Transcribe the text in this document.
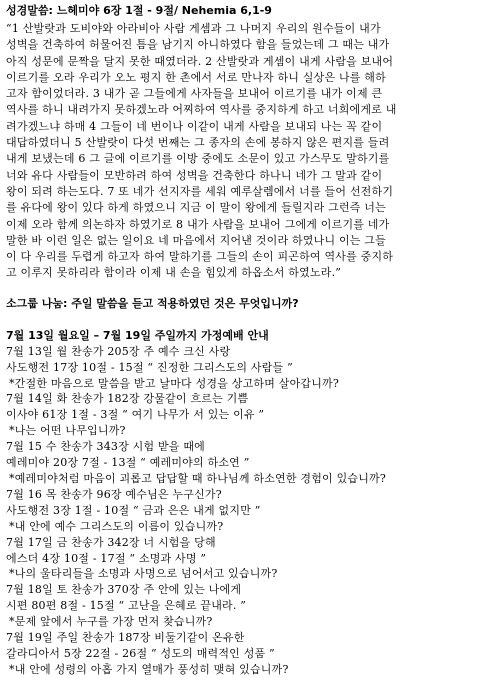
성경말씀: 느헤미야 6장 1절 - 9절/ Nehemia 6,1-9

“1 산발랏과 도비야와 아라비아 사람 게셈과 그 나머지 우리의 원수들이 내가

성벽을 건축하여 허물어진 틈을 남기지 아니하였다 함을 들었는데 그 때는 내가

아직 성문에 문짝을 달지 못한 때였더라. 2 산발랏과 게셈이 내게 사람을 보내어

이르기를 오라 우리가 오노 평지 한 촌에서 서로 만나자 하니 실상은 나를 해하

고자 함이었더라. 3 내가 곧 그들에게 사자들을 보내어 이르기를 내가 이제 큰

역사를 하니 내려가지 못하겠노라 어찌하여 역사를 중지하게 하고 너희에게로 내

려가겠느냐 하매 4 그들이 네 번이나 이같이 내게 사람을 보내되 나는 꼭 같이

대답하였더니 5 산발랏이 다섯 번째는 그 종자의 손에 봉하지 않은 편지를 들려

내게 보냈는데 6 그 글에 이르기를 이방 중에도 소문이 있고 가스무도 말하기를

너와 유다 사람들이 모반하려 하여 성벽을 건축한다 하나니 네가 그 말과 같이

왕이 되려 하는도다. 7 또 네가 선지자를 세워 예루살렘에서 너를 들어 선전하기

를 유다에 왕이 있다 하게 하였으니 지금 이 말이 왕에게 들릴지라 그런즉 너는

이제 오라 함께 의논하자 하였기로 8 내가 사람을 보내어 그에게 이르기를 네가

말한 바 이런 일은 없는 일이요 네 마음에서 지어낸 것이라 하였나니 이는 그들

이 다 우리를 두렵게 하고자 하여 말하기를 그들의 손이 피곤하여 역사를 중지하

고 이루지 못하리라 함이라 이제 내 손을 힘있게 하옵소서 하였노라.”

소그룹 나눔: 주일 말씀을 듣고 적용하였던 것은 무엇입니까?
7월 13일 월요일 – 7월 19일 주일까지 가정예배 안내
7월 13일 월 찬송가 205장 주 예수 크신 사랑
사도행전 17장 10절 - 15절 “ 진정한 그리스도의 사람들 ”
*간절한 마음으로 말씀을 받고 날마다 성경을 상고하며 살아갑니까?
7월 14일 화 찬송가 182장 강물같이 흐르는 기쁨
이사야 61장 1절 - 3절 “ 여기 나무가 서 있는 이유 ”
*나는 어떤 나무입니까?
7월 15 수 찬송가 343장 시험 받을 때에
예레미야 20장 7절 - 13절 “ 예레미야의 하소연 ”
*예레미야처럼 마음이 괴롭고 답답할 때 하나님께 하소연한 경험이 있습니까?
7월 16 목 찬송가 96장 예수님은 누구신가?
사도행전 3장 1절 - 10절 “ 금과 은은 내게 없지만 ”
*내 안에 예수 그리스도의 이름이 있습니까?
7월 17일 금 찬송가 342장 너 시험을 당해
에스더 4장 10절 - 17절 “ 소명과 사명 ”
*나의 울타리들을 소명과 사명으로 넘어서고 있습니까?
7월 18일 토 찬송가 370장 주 안에 있는 나에게
시편 80편 8절 - 15절 “ 고난을 은혜로 끝내라. ”
*문제 앞에서 누구를 가장 먼저 찾습니까?
7월 19일 주일 찬송가 187장 비둘기같이 온유한
갈라디아서 5장 22절 - 26절 “ 성도의 매력적인 성품 ”
*내 안에 성령의 아홉 가지 열매가 풍성히 맺혀 있습니까?
